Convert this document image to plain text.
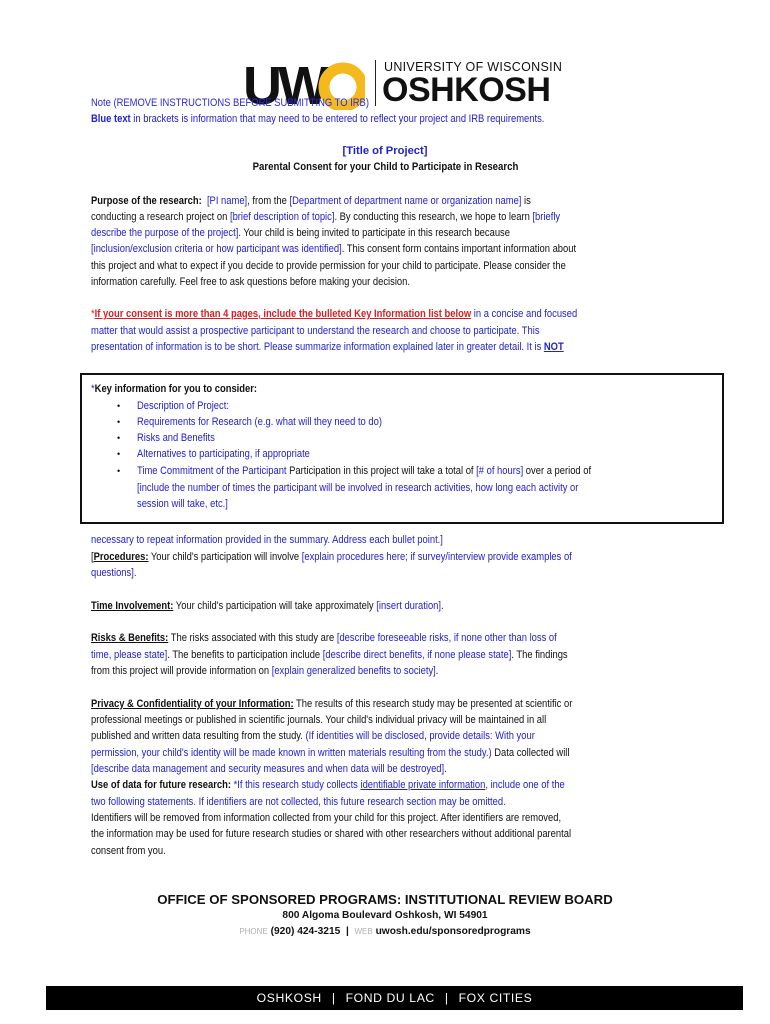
UW	UNIVERSITY OF WISCONSIN
OSHKOSH
Note (REMOVE INSTRUCTIONS BEFORE SUBMITTING TO IRB)
Blue text in brackets is information that may need to be entered to reflect your project and IRB requirements.
[Title of Project]
Parental Consent for your Child to Participate in Research
Purpose of the research: [PI name], from the [Department of department name or organization name] is
conducting a research project on [brief description of topic]. By conducting this research, we hope to learn [briefly
describe the purpose of the project]. Your child is being invited to participate in this research because
[inclusion/exclusion criteria or how participant was identified]. This consent form contains important information about
this project and what to expect if you decide to provide permission for your child to participate. Please consider the
information carefully. Feel free to ask questions before making your decision.
*If your consent is more than 4 pages, include the bulleted Key Information list below in a concise and focused
matter that would assist a prospective participant to understand the research and choose to participate. This
presentation of information is to be short. Please summarize information explained later in greater detail. It is NOT
*Key information for you to consider:
• Description of Project:
• Requirements for Research (e.g. what will they need to do)
• Risks and Benefits
• Alternatives to participating, if appropriate
• Time Commitment of the Participant Participation in this project will take a total of [# of hours] over a period of
[include the number of times the participant will be involved in research activities, how long each activity or
session will take, etc.]
necessary to repeat information provided in the summary. Address each bullet point.]
[Procedures: Your child's participation will involve [explain procedures here; if survey/interview provide examples of
questions].
Time Involvement: Your child's participation will take approximately [insert duration].
Risks & Benefits: The risks associated with this study are [describe foreseeable risks, if none other than loss of
time, please state]. The benefits to participation include [describe direct benefits, if none please state]. The findings
from this project will provide information on [explain generalized benefits to society].
Privacy & Confidentiality of your Information: The results of this research study may be presented at scientific or
professional meetings or published in scientific journals. Your child's individual privacy will be maintained in all
published and written data resulting from the study. (If identities will be disclosed, provide details: With your
permission, your child's identity will be made known in written materials resulting from the study.) Data collected will
[describe data management and security measures and when data will be destroyed].
Use of data for future research: *If this research study collects identifiable private information, include one of the
two following statements. If identifiers are not collected, this future research section may be omitted.
Identifiers will be removed from information collected from your child for this project. After identifiers are removed,
the information may be used for future research studies or shared with other researchers without additional parental
consent from you.
OFFICE OF SPONSORED PROGRAMS: INSTITUTIONAL REVIEW BOARD
800 Algoma Boulevard Oshkosh, WI 54901
PHONE (920) 424-3215 | WEB uwosh.edu/sponsoredprograms
OSHKOSH | FOND DU LAC | FOX CITIES
